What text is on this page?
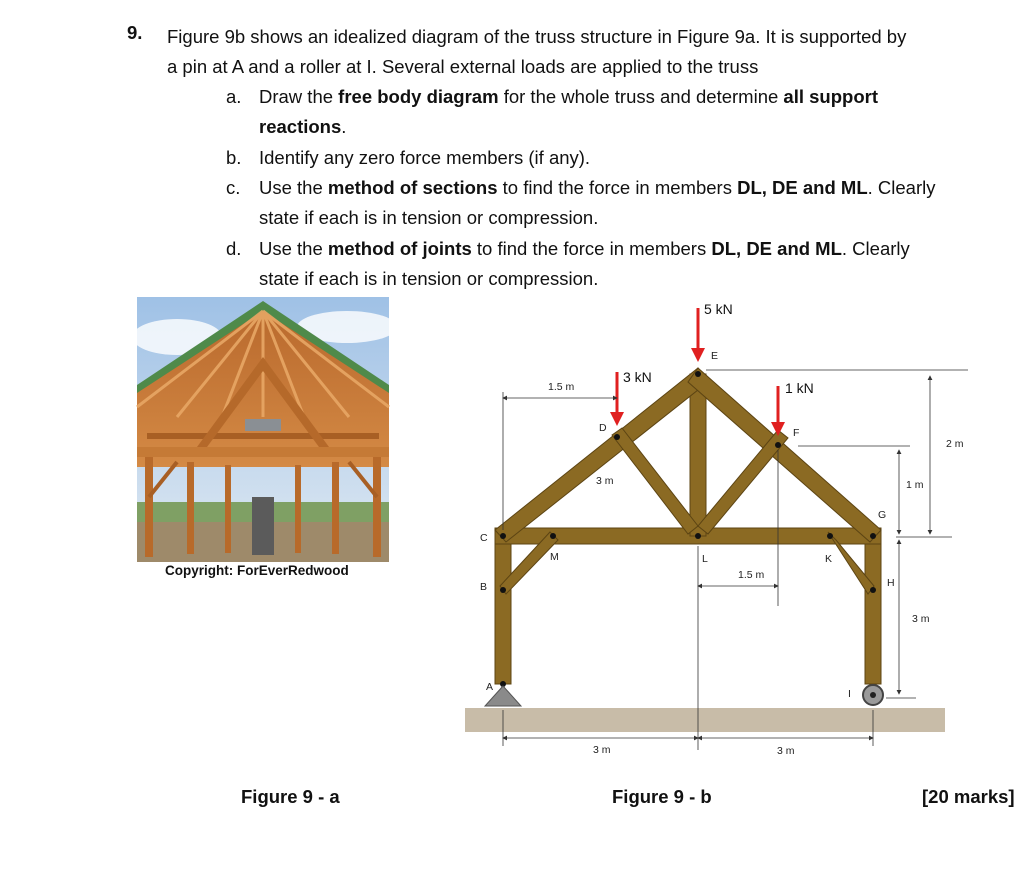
9. Figure 9b shows an idealized diagram of the truss structure in Figure 9a. It is supported by
a pin at A and a roller at I. Several external loads are applied to the truss
a. Draw the free body diagram for the whole truss and determine all support
reactions.
b. Identify any zero force members (if any).
c. Use the method of sections to find the force in members DL, DE and ML. Clearly
state if each is in tension or compression.
d. Use the method of joints to find the force in members DL, DE and ML. Clearly
state if each is in tension or compression.
Copyright: ForEverRedwood
5 kN
3 kN
1 kN
A
B
C
D
E
F
G
H
I
K
L
M
1.5 m
3 m
1.5 m
2 m
1 m
3 m
3 m	3 m
Figure 9 - a	Figure 9 - b	[20 marks]
